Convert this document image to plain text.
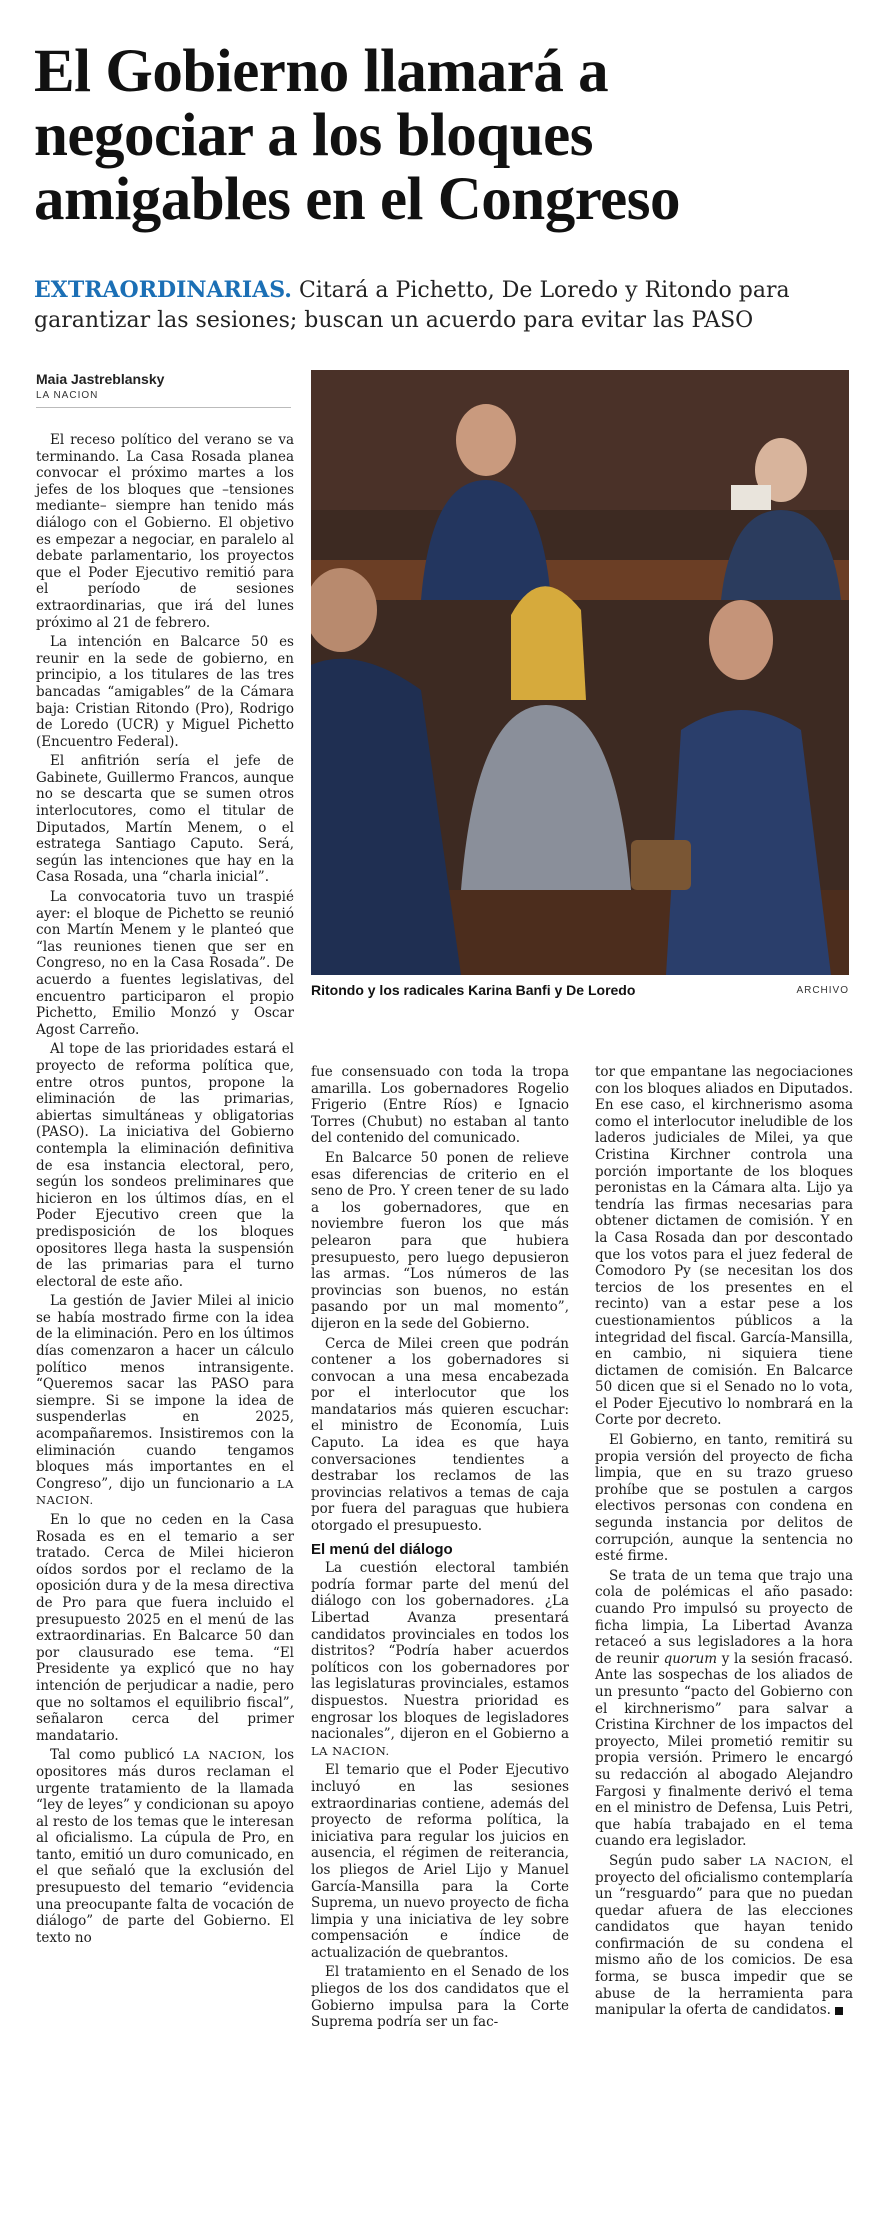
El Gobierno llamará a
negociar a los bloques
amigables en el Congreso
EXTRAORDINARIAS. Citará a Pichetto, De Loredo y Ritondo para garantizar las sesiones; buscan un acuerdo para evitar las PASO
Maia Jastreblansky
LA NACION

El receso político del verano se va terminando. La Casa Rosada planea convocar el próximo martes a los jefes de los bloques que –tensiones mediante– siempre han tenido más diálogo con el Gobierno. El objetivo es empezar a negociar, en paralelo al debate parlamentario, los proyectos que el Poder Ejecutivo remitió para el período de sesiones extraordinarias, que irá del lunes próximo al 21 de febrero.

La intención en Balcarce 50 es reunir en la sede de gobierno, en principio, a los titulares de las tres bancadas “amigables” de la Cámara baja: Cristian Ritondo (Pro), Rodrigo de Loredo (UCR) y Miguel Pichetto (Encuentro Federal).

El anfitrión sería el jefe de Gabinete, Guillermo Francos, aunque no se descarta que se sumen otros interlocutores, como el titular de Diputados, Martín Menem, o el estratega Santiago Caputo. Será, según las intenciones que hay en la Casa Rosada, una “charla inicial”.

La convocatoria tuvo un traspié ayer: el bloque de Pichetto se reunió con Martín Menem y le planteó que “las reuniones tienen que ser en Congreso, no en la Casa Rosada”. De acuerdo a fuentes legislativas, del encuentro participaron el propio Pichetto, Emilio Monzó y Oscar Agost Carreño.

Al tope de las prioridades estará el proyecto de reforma política que, entre otros puntos, propone la eliminación de las primarias, abiertas simultáneas y obligatorias (PASO). La iniciativa del Gobierno contempla la eliminación definitiva de esa instancia electoral, pero, según los sondeos preliminares que hicieron en los últimos días, en el Poder Ejecutivo creen que la predisposición de los bloques opositores llega hasta la suspensión de las primarias para el turno electoral de este año.

La gestión de Javier Milei al inicio se había mostrado firme con la idea de la eliminación. Pero en los últimos días comenzaron a hacer un cálculo político menos intransigente. “Queremos sacar las PASO para siempre. Si se impone la idea de suspenderlas en 2025, acompañaremos. Insistiremos con la eliminación cuando tengamos bloques más importantes en el Congreso”, dijo un funcionario a LA NACION.

En lo que no ceden en la Casa Rosada es en el temario a ser tratado. Cerca de Milei hicieron oídos sordos por el reclamo de la oposición dura y de la mesa directiva de Pro para que fuera incluido el presupuesto 2025 en el menú de las extraordinarias. En Balcarce 50 dan por clausurado ese tema. “El Presidente ya explicó que no hay intención de perjudicar a nadie, pero que no soltamos el equilibrio fiscal”, señalaron cerca del primer mandatario.

Tal como publicó LA NACION, los opositores más duros reclaman el urgente tratamiento de la llamada “ley de leyes” y condicionan su apoyo al resto de los temas que le interesan al oficialismo. La cúpula de Pro, en tanto, emitió un duro comunicado, en el que señaló que la exclusión del presupuesto del temario “evidencia una preocupante falta de vocación de diálogo” de parte del Gobierno. El texto no

Ritondo y los radicales Karina Banfi y De Loredo	ARCHIVO

fue consensuado con toda la tropa amarilla. Los gobernadores Rogelio Frigerio (Entre Ríos) e Ignacio Torres (Chubut) no estaban al tanto del contenido del comunicado.

En Balcarce 50 ponen de relieve esas diferencias de criterio en el seno de Pro. Y creen tener de su lado a los gobernadores, que en noviembre fueron los que más pelearon para que hubiera presupuesto, pero luego depusieron las armas. “Los números de las provincias son buenos, no están pasando por un mal momento”, dijeron en la sede del Gobierno.

Cerca de Milei creen que podrán contener a los gobernadores si convocan a una mesa encabezada por el interlocutor que los mandatarios más quieren escuchar: el ministro de Economía, Luis Caputo. La idea es que haya conversaciones tendientes a destrabar los reclamos de las provincias relativos a temas de caja por fuera del paraguas que hubiera otorgado el presupuesto.

El menú del diálogo

La cuestión electoral también podría formar parte del menú del diálogo con los gobernadores. ¿La Libertad Avanza presentará candidatos provinciales en todos los distritos? “Podría haber acuerdos políticos con los gobernadores por las legislaturas provinciales, estamos dispuestos. Nuestra prioridad es engrosar los bloques de legisladores nacionales”, dijeron en el Gobierno a LA NACION.

El temario que el Poder Ejecutivo incluyó en las sesiones extraordinarias contiene, además del proyecto de reforma política, la iniciativa para regular los juicios en ausencia, el régimen de reiterancia, los pliegos de Ariel Lijo y Manuel García-Mansilla para la Corte Suprema, un nuevo proyecto de ficha limpia y una iniciativa de ley sobre compensación e índice de actualización de quebrantos.

El tratamiento en el Senado de los pliegos de los dos candidatos que el Gobierno impulsa para la Corte Suprema podría ser un fac-

tor que empantane las negociaciones con los bloques aliados en Diputados. En ese caso, el kirchnerismo asoma como el interlocutor ineludible de los laderos judiciales de Milei, ya que Cristina Kirchner controla una porción importante de los bloques peronistas en la Cámara alta. Lijo ya tendría las firmas necesarias para obtener dictamen de comisión. Y en la Casa Rosada dan por descontado que los votos para el juez federal de Comodoro Py (se necesitan los dos tercios de los presentes en el recinto) van a estar pese a los cuestionamientos públicos a la integridad del fiscal. García-Mansilla, en cambio, ni siquiera tiene dictamen de comisión. En Balcarce 50 dicen que si el Senado no lo vota, el Poder Ejecutivo lo nombrará en la Corte por decreto.

El Gobierno, en tanto, remitirá su propia versión del proyecto de ficha limpia, que en su trazo grueso prohíbe que se postulen a cargos electivos personas con condena en segunda instancia por delitos de corrupción, aunque la sentencia no esté firme.

Se trata de un tema que trajo una cola de polémicas el año pasado: cuando Pro impulsó su proyecto de ficha limpia, La Libertad Avanza retaceó a sus legisladores a la hora de reunir quorum y la sesión fracasó. Ante las sospechas de los aliados de un presunto “pacto del Gobierno con el kirchnerismo” para salvar a Cristina Kirchner de los impactos del proyecto, Milei prometió remitir su propia versión. Primero le encargó su redacción al abogado Alejandro Fargosi y finalmente derivó el tema en el ministro de Defensa, Luis Petri, que había trabajado en el tema cuando era legislador.

Según pudo saber LA NACION, el proyecto del oficialismo contemplaría un “resguardo” para que no puedan quedar afuera de las elecciones candidatos que hayan tenido confirmación de su condena el mismo año de los comicios. De esa forma, se busca impedir que se abuse de la herramienta para manipular la oferta de candidatos.
